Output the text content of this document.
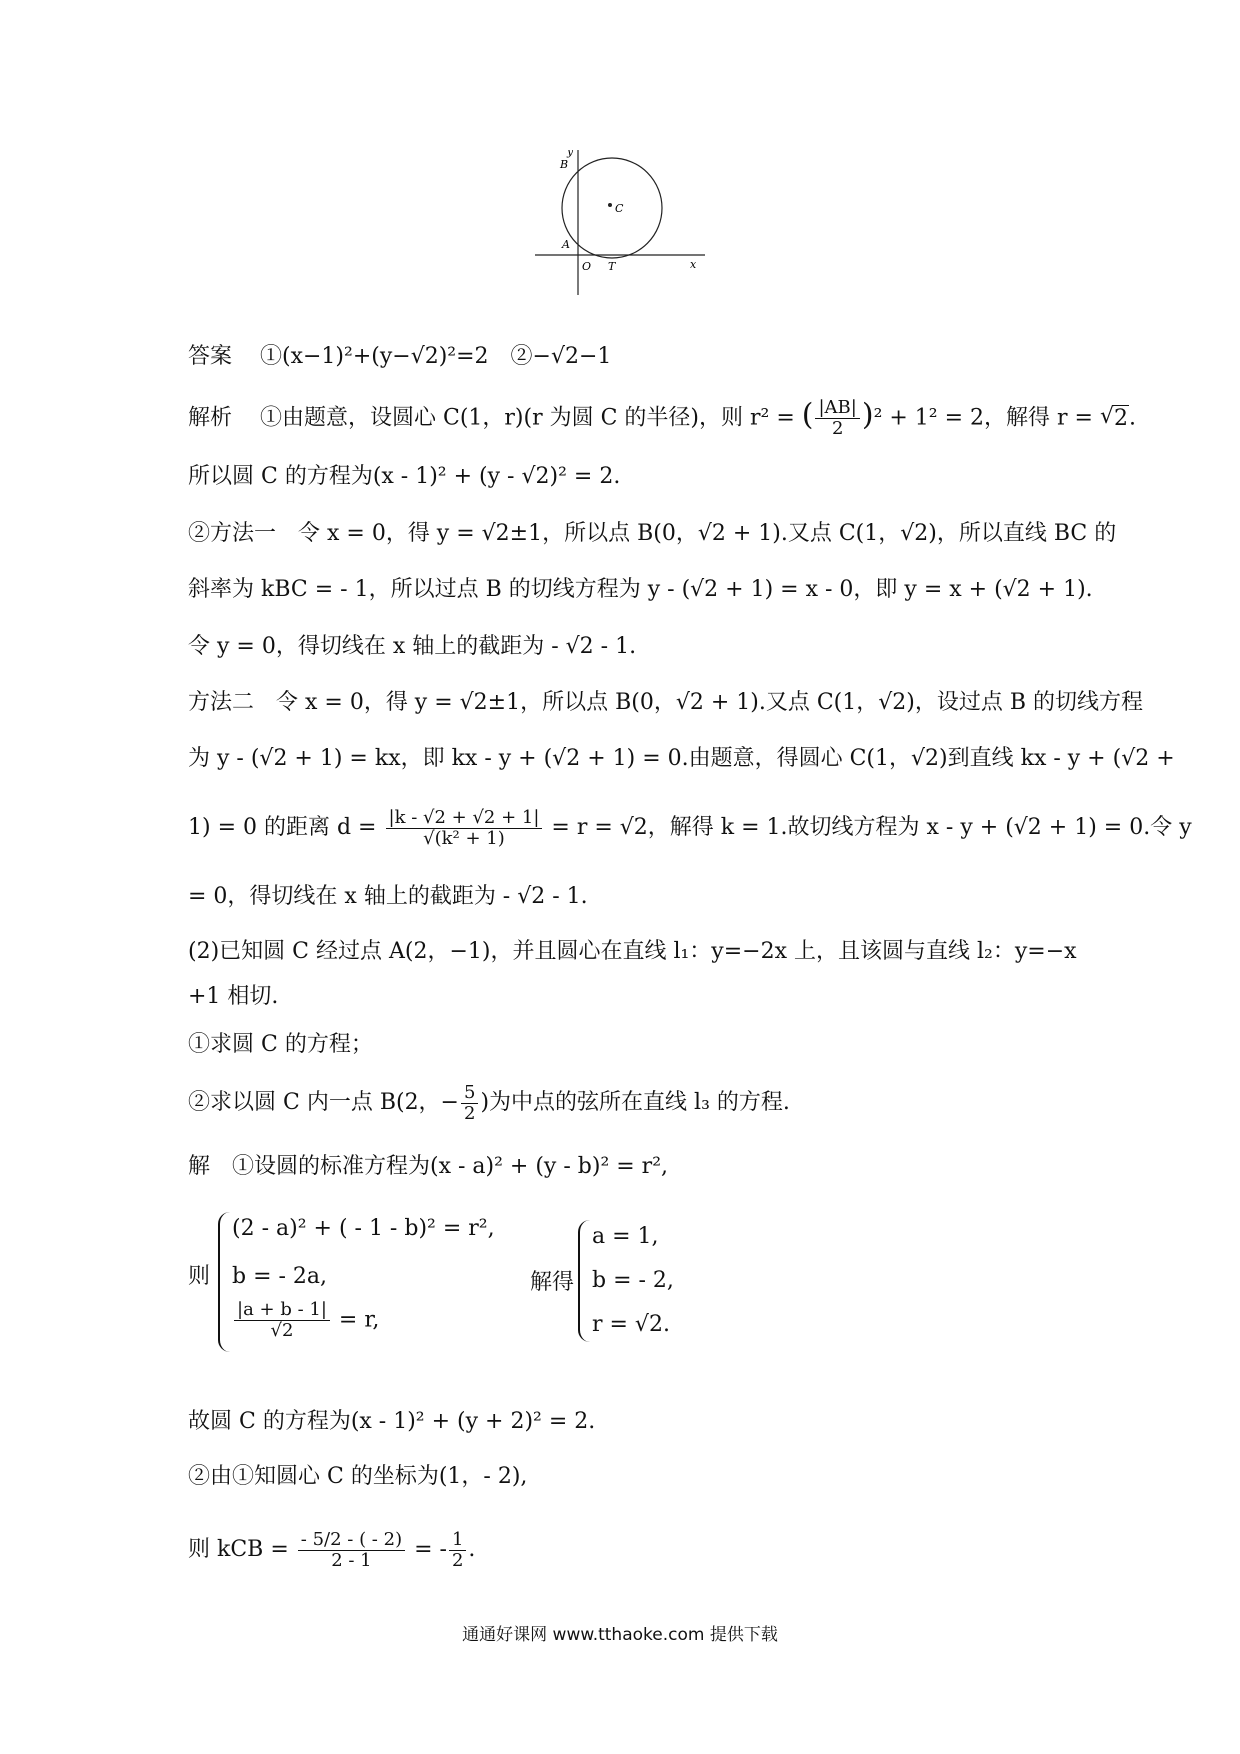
y
B
C
A
O T	x
答案 ①(x−1)²+(y−√2)²=2　②−√2−1
解析 ①由题意，设圆心 C(1，r)(r 为圆 C 的半径)，则 r² = ( $\frac{|AB|}{2} )^2 + 1^2 = 2$，解得 r = √ 2.
所以圆 C 的方程为(x - 1)² + (y - √2)² = 2.
②方法一　令 x = 0，得 y = √2±1，所以点 B(0，√2 + 1).又点 C(1，√2)，所以直线 BC 的
斜率为 kBC = - 1，所以过点 B 的切线方程为 y - (√2 + 1) = x - 0，即 y = x + (√2 + 1).
令 y = 0，得切线在 x 轴上的截距为 - √2 - 1.
方法二　令 x = 0，得 y = √2±1，所以点 B(0，√2 + 1).又点 C(1，√2)，设过点 B 的切线方程
为 y - (√2 + 1) = kx，即 kx - y + (√2 + 1) = 0.由题意，得圆心 C(1，√2)到直线 kx - y + (√2 +
1) = 0 的距离 $d = \frac{|k - √2 + √2 + 1|}{\text{√(k² + 1)}} = r = √2$，解得 k = 1.故切线方程为 x - y + (√2 + 1) = 0.令 y
= 0，得切线在 x 轴上的截距为 - √2 - 1.
(2)已知圆 C 经过点 A(2，−1)，并且圆心在直线 l₁：y=−2x 上，且该圆与直线 l₂：y=−x
+1 相切.
①求圆 C 的方程；
②求以圆 C 内一点 B(2，− $\frac{5}{2}$ )为中点的弦所在直线 l₃ 的方程.
解　①设圆的标准方程为(x - a)² + (y - b)² = r²,
则
(2 - a)² + ( - 1 - b)² = r²,
b = - 2a,
$\frac{|a + b - 1|}{√2} = r$,
解得
a = 1,
b = - 2,
r = √2.
故圆 C 的方程为(x - 1)² + (y + 2)² = 2.
②由①知圆心 C 的坐标为(1，- 2),
则 kCB = $\frac{- 5/2 - ( - 2)}{2 - 1}$ = - $\frac{1}{2}$ .
通通好课网 www.tthaoke.com 提供下载
